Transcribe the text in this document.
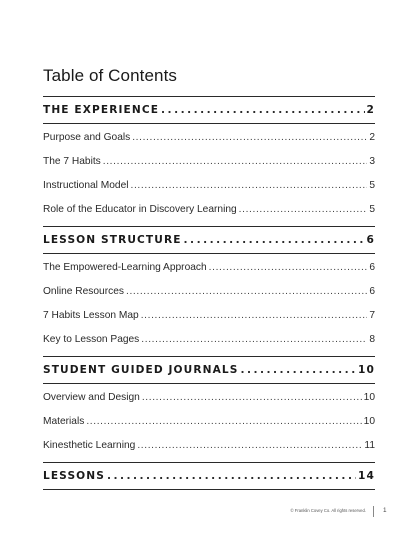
Table of Contents
THE EXPERIENCE . . .	2
Purpose and Goals . . .	2
The 7 Habits . . .	3
Instructional Model . . .	5
Role of the Educator in Discovery Learning . . .	5
LESSON STRUCTURE . . .	6
The Empowered-Learning Approach . . .	6
Online Resources . . .	6
7 Habits Lesson Map . . .	7
Key to Lesson Pages . . .	8
STUDENT GUIDED JOURNALS . . .	10
Overview and Design . . .	10
Materials . . .	10
Kinesthetic Learning . . .	11
LESSONS . . .	14
© Franklin Covey Co. All rights reserved.	1
